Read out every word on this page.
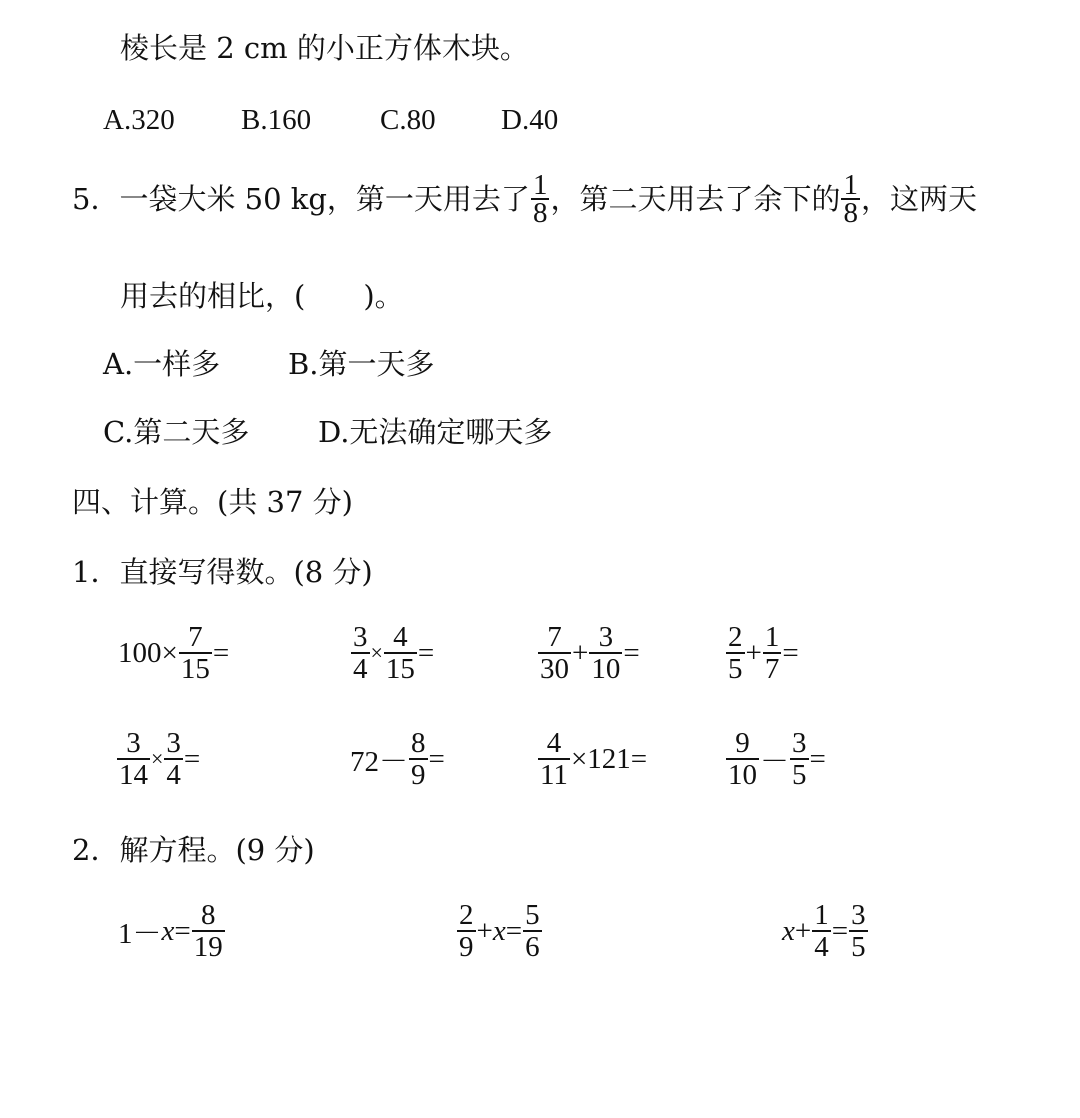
棱长是 2 cm 的小正方体木块。
A.320 B.160 C.80 D.40
5． 一袋大米 50 kg，第一天用去了 $\frac{1}{8}$ ，第二天用去了余下的 $\frac{1}{8}$ ，这两天
用去的相比，(　　)。
A.一样多 B.第一天多
C.第二天多 D.无法确定哪天多
四、计算。(共 37 分)
1．直接写得数。(8 分)
$100\times \frac{7}{15}$ =	$\frac{3}{4} \times \frac{4}{15}$ =	$\frac{7}{30} + \frac{3}{10}$ =	$\frac{2}{5} + \frac{1}{7}$ =
$\frac{3}{14} \times \frac{3}{4}$ =	$72- \frac{8}{9}$ =	$\frac{4}{11} \times 121=$	$\frac{9}{10} - \frac{3}{5}$ =
2．解方程。(9 分)
$1- x = \frac{8}{19}$	$\frac{2}{9} + x = \frac{5}{6}$	$x + \frac{1}{4} = \frac{3}{5}$
